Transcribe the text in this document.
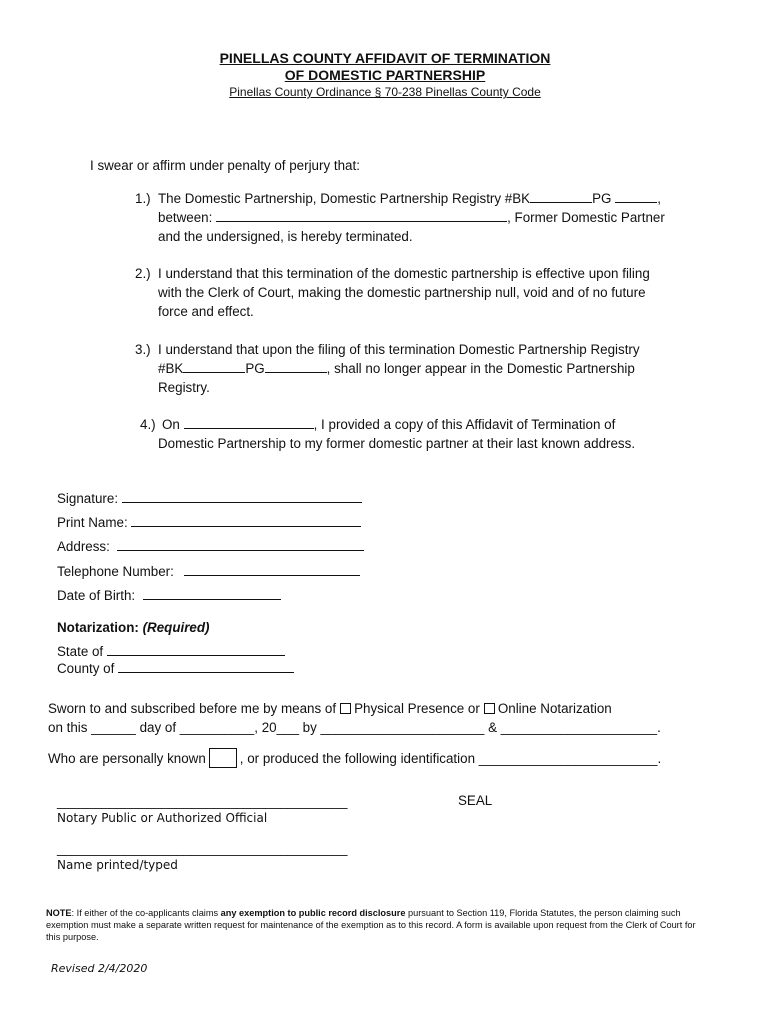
PINELLAS COUNTY AFFIDAVIT OF TERMINATION
OF DOMESTIC PARTNERSHIP
Pinellas County Ordinance § 70-238 Pinellas County Code
I swear or affirm under penalty of perjury that:
1.) The Domestic Partnership, Domestic Partnership Registry #BK	PG	,
between:	, Former Domestic Partner
and the undersigned, is hereby terminated.
2.) I understand that this termination of the domestic partnership is effective upon filing
with the Clerk of Court, making the domestic partnership null, void and of no future
force and effect.
3.) I understand that upon the filing of this termination Domestic Partnership Registry
#BK	PG	, shall no longer appear in the Domestic Partnership
Registry.
4.) On	, I provided a copy of this Affidavit of Termination of
Domestic Partnership to my former domestic partner at their last known address.
Signature:
Print Name:
Address:
Telephone Number:
Date of Birth:
Notarization: (Required)
State of
County of
Sworn to and subscribed before me by means of Physical Presence or Online Notarization
on this ______ day of __________, 20___ by ______________________ & _____________________.
Who are personally known	, or produced the following identification ________________________.
_______________________________________
Notary Public or Authorized Official
SEAL
_______________________________________
Name printed/typed
NOTE: If either of the co-applicants claims any exemption to public record disclosure pursuant to Section 119, Florida Statutes, the person claiming such exemption must make a separate written request for maintenance of the exemption as to this record. A form is available upon request from the Clerk of Court for this purpose.
Revised 2/4/2020
